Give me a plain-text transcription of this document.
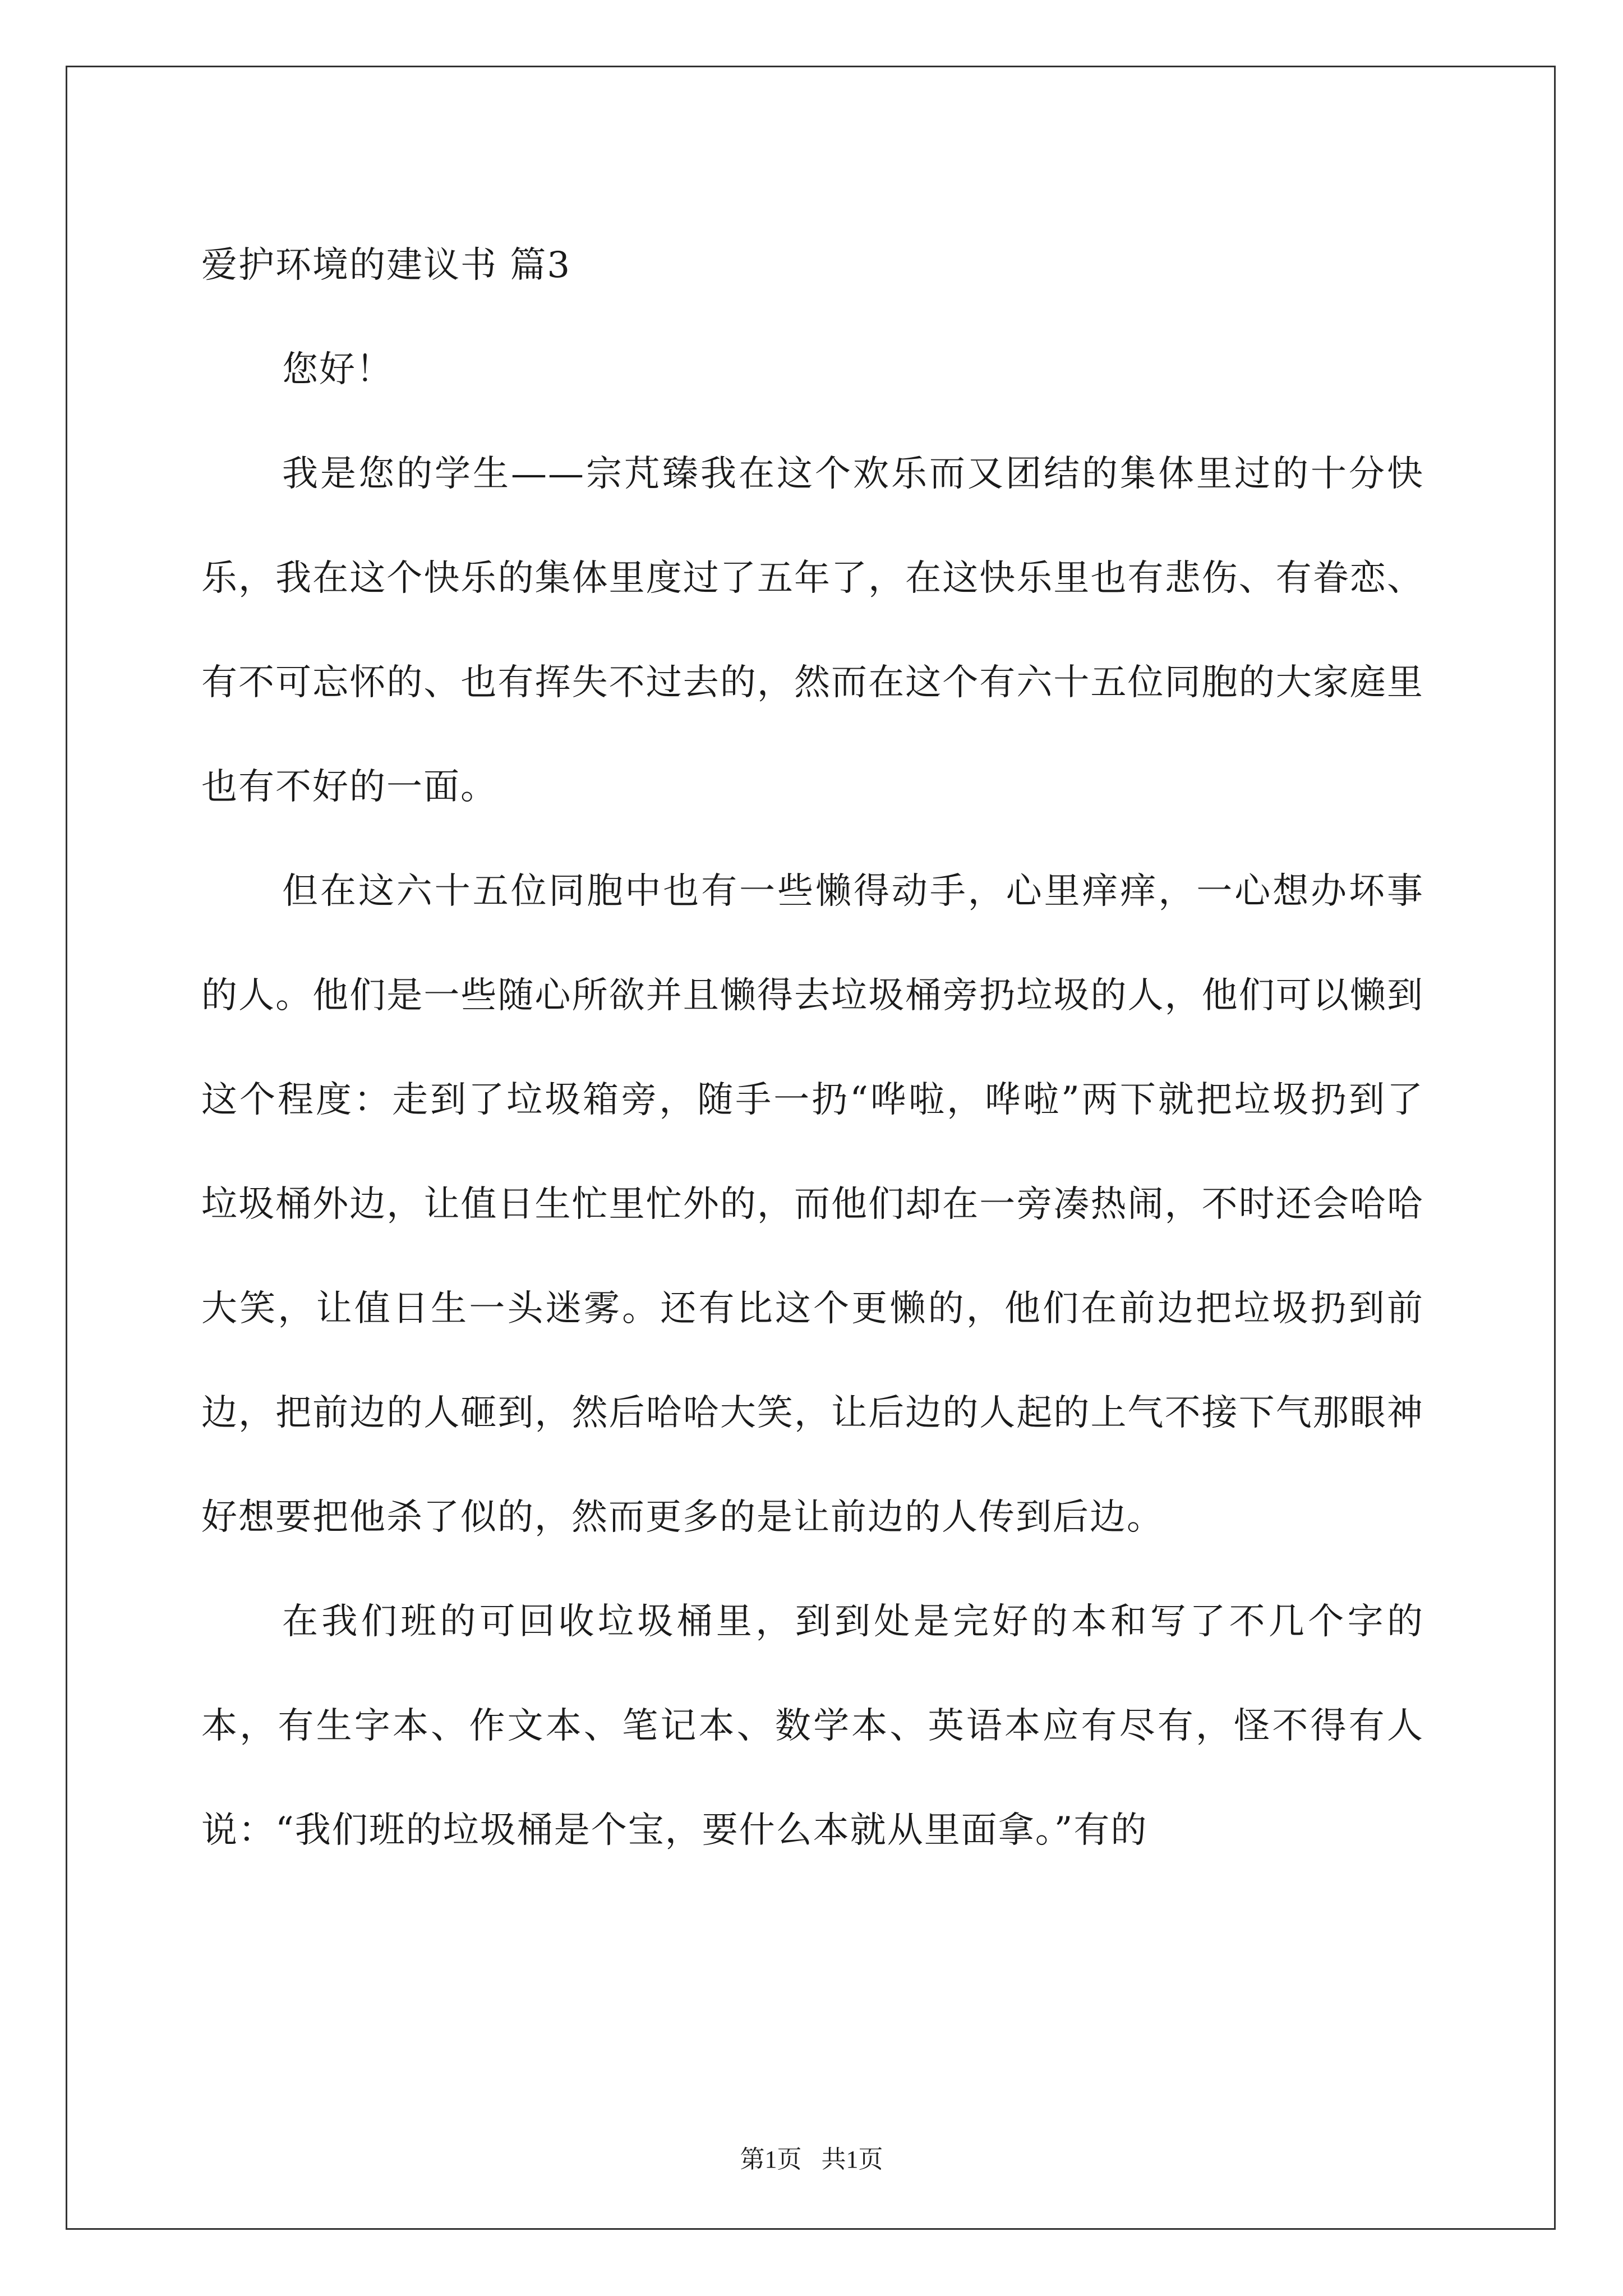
爱护环境的建议书 篇3

您好！

我是您的学生——宗芃臻我在这个欢乐而又团结的集体里过的十分快乐，我在这个快乐的集体里度过了五年了，在这快乐里也有悲伤、有眷恋、有不可忘怀的、也有挥失不过去的，然而在这个有六十五位同胞的大家庭里也有不好的一面。

但在这六十五位同胞中也有一些懒得动手，心里痒痒，一心想办坏事的人。他们是一些随心所欲并且懒得去垃圾桶旁扔垃圾的人，他们可以懒到这个程度：走到了垃圾箱旁，随手一扔“哗啦，哗啦”两下就把垃圾扔到了垃圾桶外边，让值日生忙里忙外的，而他们却在一旁凑热闹，不时还会哈哈大笑，让值日生一头迷雾。还有比这个更懒的，他们在前边把垃圾扔到前边，把前边的人砸到，然后哈哈大笑，让后边的人起的上气不接下气那眼神好想要把他杀了似的，然而更多的是让前边的人传到后边。

在我们班的可回收垃圾桶里，到到处是完好的本和写了不几个字的本，有生字本、作文本、笔记本、数学本、英语本应有尽有，怪不得有人说：“我们班的垃圾桶是个宝，要什么本就从里面拿。”有的

第1页 共1页
